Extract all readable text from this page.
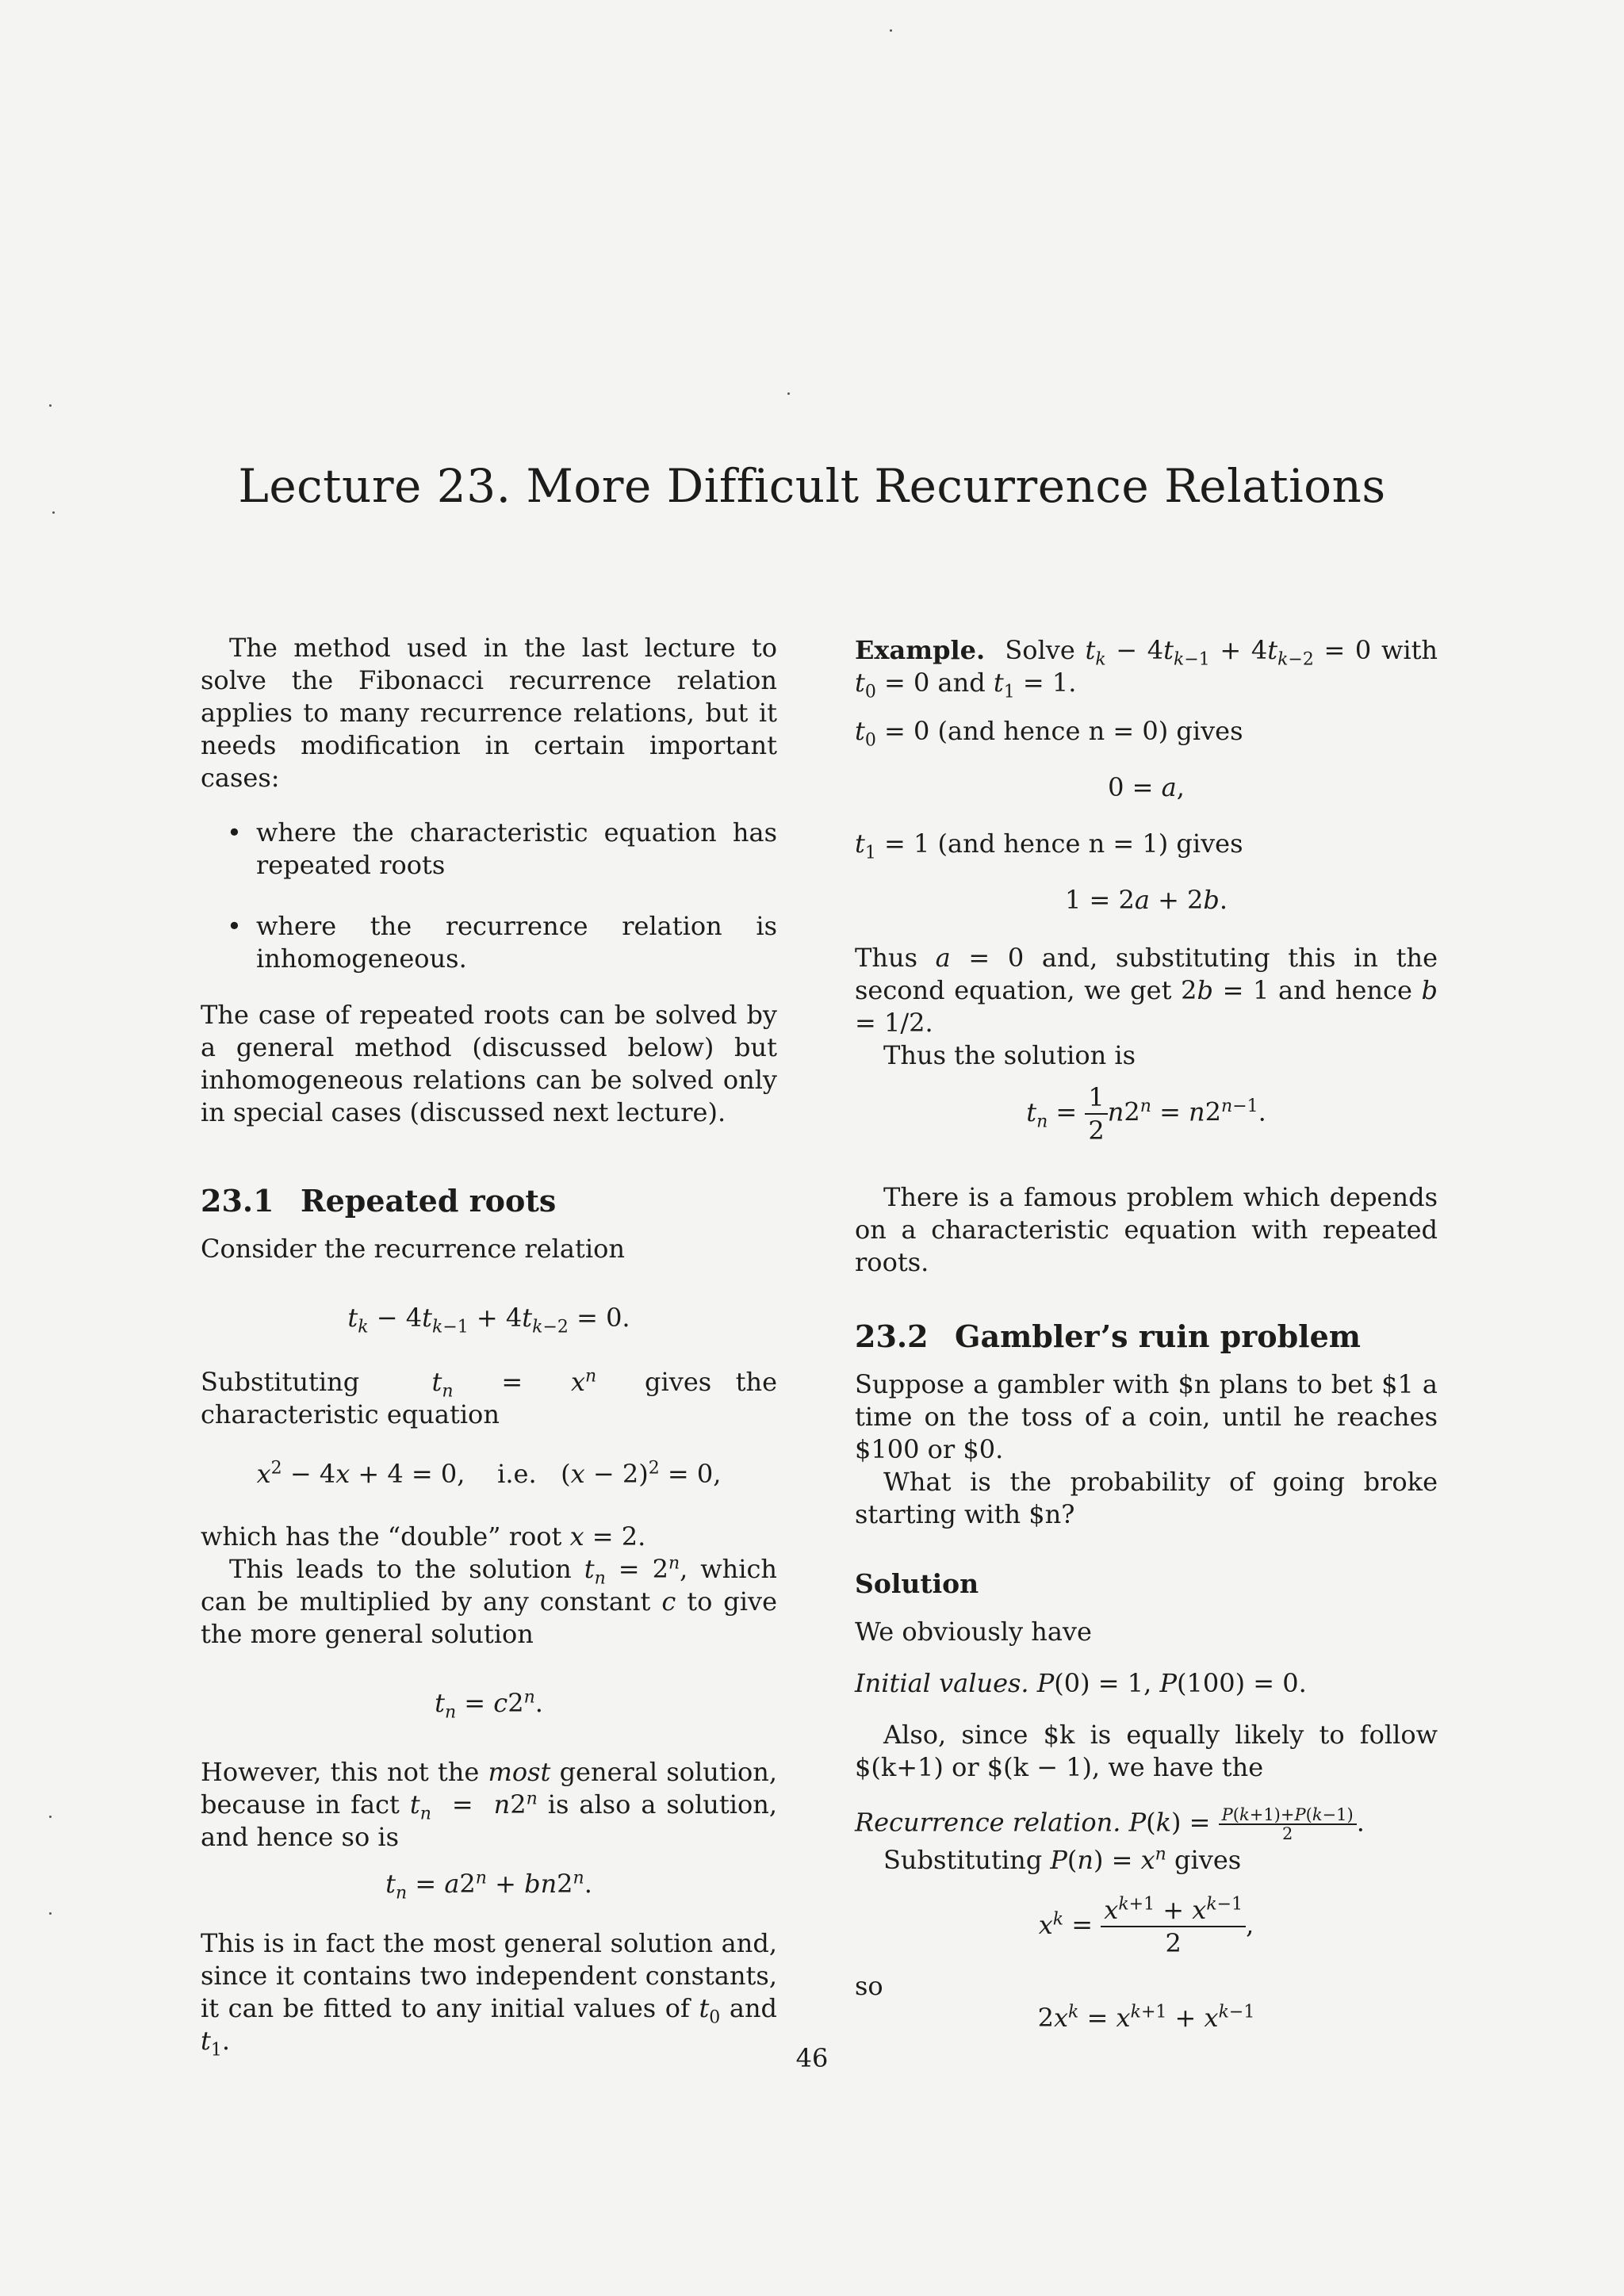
Lecture 23. More Difficult Recurrence Relations

The method used in the last lecture to solve the Fibonacci recurrence relation applies to many recurrence relations, but it needs modification in certain important cases:

• where the characteristic equation has repeated roots
• where the recurrence relation is inhomogeneous.

The case of repeated roots can be solved by a general method (discussed below) but inhomogeneous relations can be solved only in special cases (discussed next lecture).

23.1 Repeated roots

Consider the recurrence relation

$t_k - 4t_{k-1} + 4t_{k-2} = 0$.

Substituting	$t_n = x^n$ gives the characteristic equation

$x^2 - 4x + 4 = 0$,    i.e.   $(x - 2)^2 = 0$,

which has the “double” root x = 2.

This leads to the solution $t_n = 2^n$, which can be multiplied by any constant c to give the more general solution

$t_n = c2^n$.

However, this not the most general solution, because in fact $t_n = n2^n$ is also a solution, and hence so is

$t_n = a2^n + bn2^n$.

This is in fact the most general solution and, since it contains two independent constants, it can be fitted to any initial values of $t_0$ and $t_1$.

Example. Solve $t_k - 4t_{k-1} + 4t_{k-2} = 0$ with $t_0 = 0$ and $t_1 = 1$.

$t_0 = 0$ (and hence n = 0) gives

0 = a,

$t_1 = 1$ (and hence n = 1) gives

1 = 2a + 2b.

Thus a = 0 and, substituting this in the second equation, we get 2b = 1 and hence b = 1/2.

Thus the solution is

$t_n = \frac{1}{2} n2^n = n2^{n-1}$.

There is a famous problem which depends on a characteristic equation with repeated roots.

23.2 Gambler’s ruin problem

Suppose a gambler with $n plans to bet $1 a time on the toss of a coin, until he reaches $100 or $0.

What is the probability of going broke starting with $n?

Solution

We obviously have

Initial values. P(0) = 1, P(100) = 0.

Also, since $k is equally likely to follow $(k+1) or $(k − 1), we have the

Recurrence relation. $P(k) = \frac{P(k+1)+P(k-1)}{2}$ .

Substituting $P(n) = x^n$ gives

$x^k = \frac{x^{k+1} + x^{k-1}}{2}$ ,

so

$2x^k = x^{k+1} + x^{k-1}$

46
